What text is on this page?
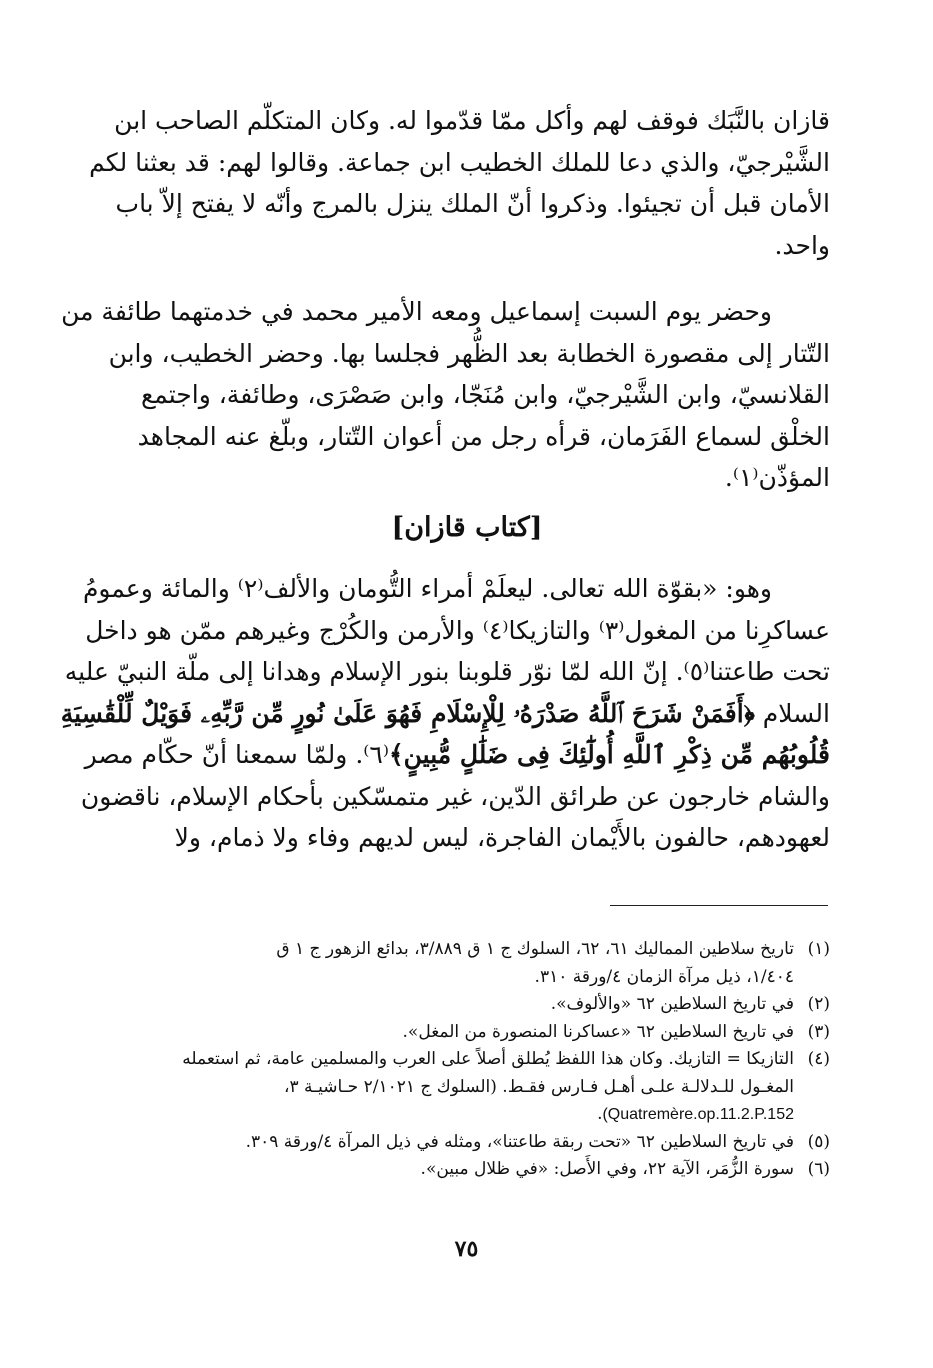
قازان بالنَّبَك فوقف لهم وأكل ممّا قدّموا له. وكان المتكلّم الصاحب ابن
الشَّيْرجيّ، والذي دعا للملك الخطيب ابن جماعة. وقالوا لهم: قد بعثنا لكم
الأمان قبل أن تجيئوا. وذكروا أنّ الملك ينزل بالمرج وأنّه لا يفتح إلاّ باب
واحد.
وحضر يوم السبت إسماعيل ومعه الأمير محمد في خدمتهما طائفة من
التّتار إلى مقصورة الخطابة بعد الظُّهر فجلسا بها. وحضر الخطيب، وابن
القلانسيّ، وابن الشَّيْرجيّ، وابن مُنَجّا، وابن صَصْرَى، وطائفة، واجتمع
الخلْق لسماع الفَرَمان، قرأه رجل من أعوان التّتار، وبلّغ عنه المجاهد
المؤذّن⁽١⁾.
[كتاب قازان]
وهو: «بقوّة الله تعالى. ليعلَمْ أمراء التُّومان والألف⁽٢⁾ والمائة وعمومُ
عساكرِنا من المغول⁽٣⁾ والتازيكا⁽٤⁾ والأرمن والكُرْج وغيرهم ممّن هو داخل
تحت طاعتنا⁽٥⁾. إنّ الله لمّا نوّر قلوبنا بنور الإسلام وهدانا إلى ملّة النبيّ عليه
السلام ﴿أَفَمَنْ شَرَحَ ٱللَّهُ صَدْرَهُۥ لِلْإِسْلَامِ فَهُوَ عَلَىٰ نُورٍ مِّن رَّبِّهِۦ فَوَيْلٌ لِّلْقَٰسِيَةِ
قُلُوبُهُم مِّن ذِكْرِ ٱللَّهِ أُولَٰٓئِكَ فِى ضَلَٰلٍ مُّبِينٍ﴾⁽٦⁾. ولمّا سمعنا أنّ حكّام مصر
والشام خارجون عن طرائق الدّين، غير متمسّكين بأحكام الإسلام، ناقضون
لعهودهم، حالفون بالأَيْمان الفاجرة، ليس لديهم وفاء ولا ذمام، ولا
(١)
تاريخ سلاطين المماليك ٦١، ٦٢، السلوك ج ١ ق ٣/٨٨٩، بدائع الزهور ج ١ ق
١/٤٠٤، ذيل مرآة الزمان ٤/ورقة ٣١٠.
(٢)
في تاريخ السلاطين ٦٢ «والألوف».
(٣)
في تاريخ السلاطين ٦٢ «عساكرنا المنصورة من المغل».
(٤)
التازيكا = التازيك. وكان هذا اللفظ يُطلق أصلاً على العرب والمسلمين عامة، ثم استعمله
المغـول للـدلالـة علـى أهـل فـارس فقـط. (السلوك ج ٢/١٠٢١ حـاشيـة ٣،
(Quatremère.op.11.2.P.152.
(٥)
في تاريخ السلاطين ٦٢ «تحت ربقة طاعتنا»، ومثله في ذيل المرآة ٤/ورقة ٣٠٩.
(٦)
سورة الزُّمَر، الآية ٢٢، وفي الأَصل: «في ظلال مبين».
٧٥
